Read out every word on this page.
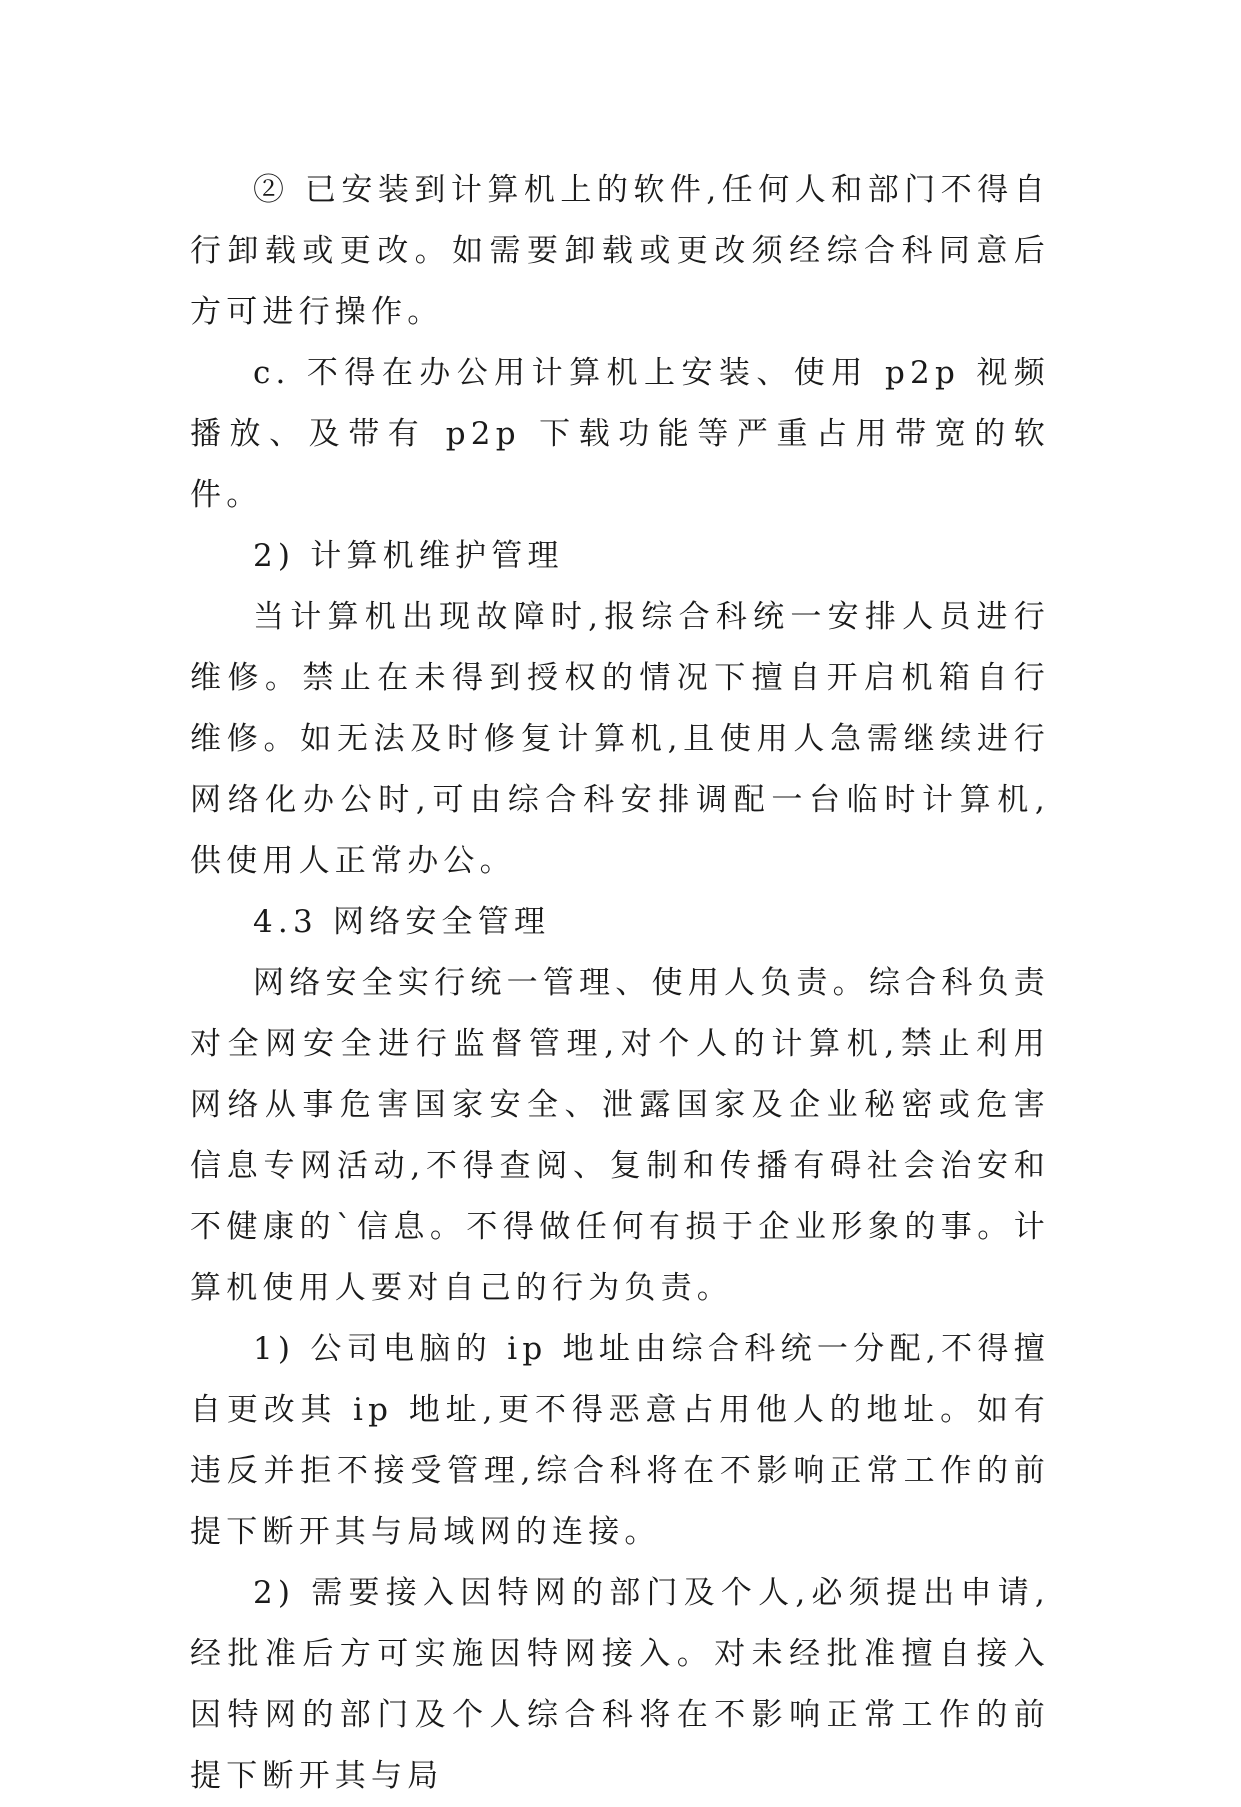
② 已安装到计算机上的软件,任何人和部门不得自行卸载或更改。如需要卸载或更改须经综合科同意后方可进行操作。

c. 不得在办公用计算机上安装、使用 p2p 视频播放、及带有 p2p 下载功能等严重占用带宽的软件。

2) 计算机维护管理

当计算机出现故障时,报综合科统一安排人员进行维修。禁止在未得到授权的情况下擅自开启机箱自行维修。如无法及时修复计算机,且使用人急需继续进行网络化办公时,可由综合科安排调配一台临时计算机,供使用人正常办公。

4.3 网络安全管理

网络安全实行统一管理、使用人负责。综合科负责对全网安全进行监督管理,对个人的计算机,禁止利用网络从事危害国家安全、泄露国家及企业秘密或危害信息专网活动,不得查阅、复制和传播有碍社会治安和不健康的`信息。不得做任何有损于企业形象的事。计算机使用人要对自己的行为负责。

1) 公司电脑的 ip 地址由综合科统一分配,不得擅自更改其 ip 地址,更不得恶意占用他人的地址。如有违反并拒不接受管理,综合科将在不影响正常工作的前提下断开其与局域网的连接。

2) 需要接入因特网的部门及个人,必须提出申请,经批准后方可实施因特网接入。对未经批准擅自接入因特网的部门及个人综合科将在不影响正常工作的前提下断开其与局
